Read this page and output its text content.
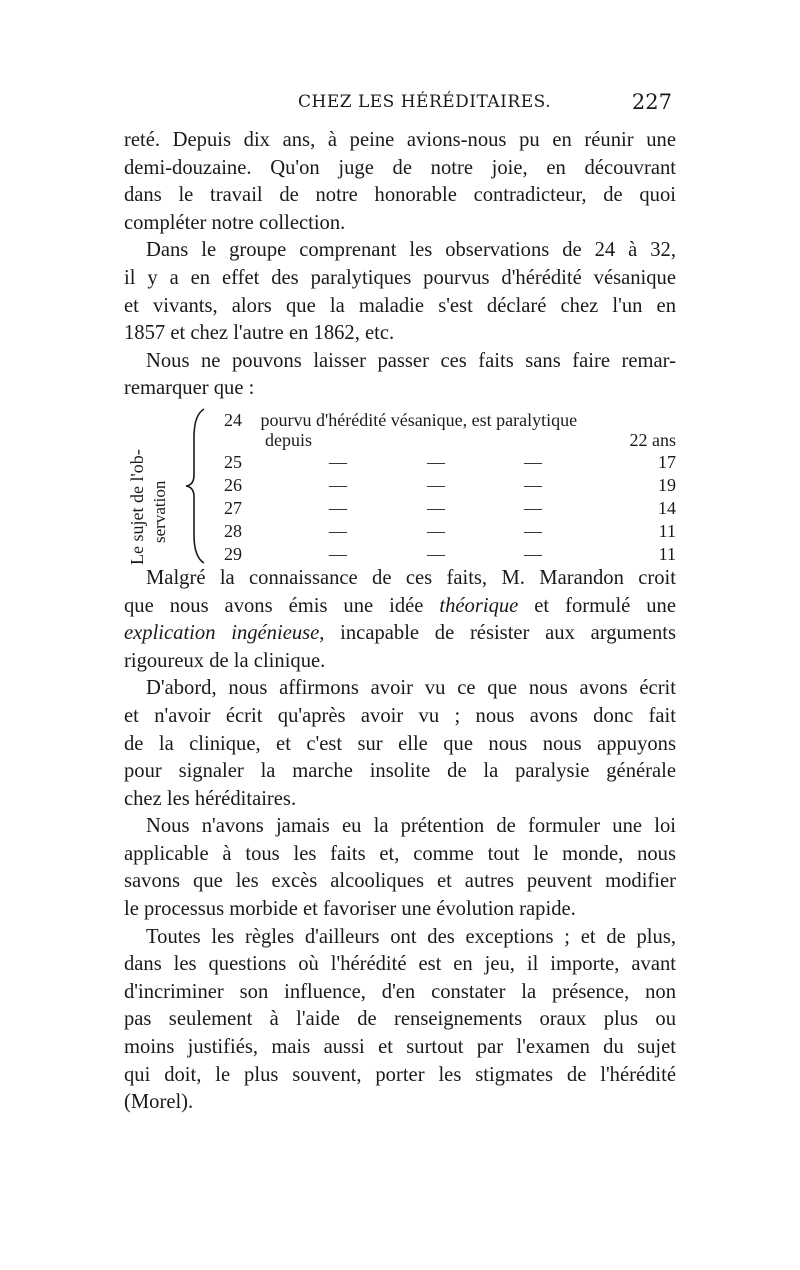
CHEZ LES HÉRÉDITAIRES.	227
reté. Depuis dix ans, à peine avions-nous pu en réunir une
demi-douzaine. Qu'on juge de notre joie, en découvrant
dans le travail de notre honorable contradicteur, de quoi
compléter notre collection.
Dans le groupe comprenant les observations de 24 à 32,
il y a en effet des paralytiques pourvus d'hérédité vésanique
et vivants, alors que la maladie s'est déclaré chez l'un en
1857 et chez l'autre en 1862, etc.
Nous ne pouvons laisser passer ces faits sans faire remar-
remarquer que :
Le sujet de l'ob- servation
24 pourvu d'hérédité vésanique, est paralytique
depuis	22 ans
25	—	—	—	17
26	—	—	—	19
27	—	—	—	14
28	—	—	—	11
29	—	—	—	11
Malgré la connaissance de ces faits, M. Marandon croit
que nous avons émis une idée théorique et formulé une
explication ingénieuse, incapable de résister aux arguments
rigoureux de la clinique.
D'abord, nous affirmons avoir vu ce que nous avons écrit
et n'avoir écrit qu'après avoir vu ; nous avons donc fait
de la clinique, et c'est sur elle que nous nous appuyons
pour signaler la marche insolite de la paralysie générale
chez les héréditaires.
Nous n'avons jamais eu la prétention de formuler une loi
applicable à tous les faits et, comme tout le monde, nous
savons que les excès alcooliques et autres peuvent modifier
le processus morbide et favoriser une évolution rapide.
Toutes les règles d'ailleurs ont des exceptions ; et de plus,
dans les questions où l'hérédité est en jeu, il importe, avant
d'incriminer son influence, d'en constater la présence, non
pas seulement à l'aide de renseignements oraux plus ou
moins justifiés, mais aussi et surtout par l'examen du sujet
qui doit, le plus souvent, porter les stigmates de l'hérédité
(Morel).
